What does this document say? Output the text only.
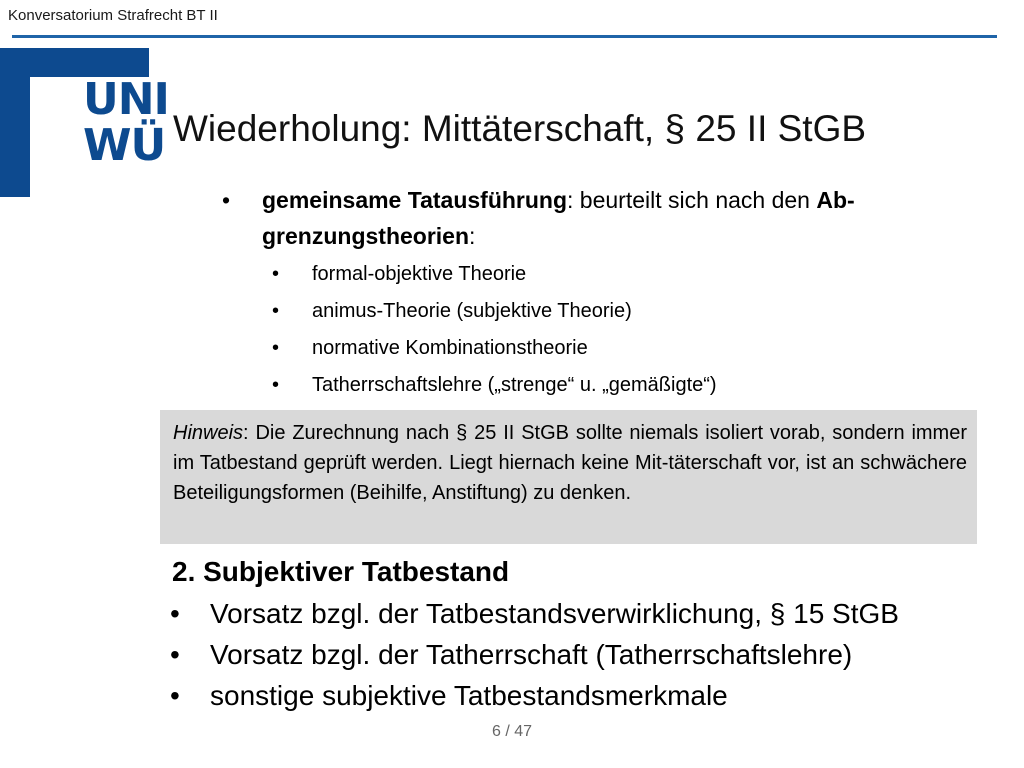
Konversatorium Strafrecht BT II
UNI
WÜ Wiederholung: Mittäterschaft, § 25 II StGB
• gemeinsame Tatausführung: beurteilt sich nach den Ab-
grenzungstheorien:
• formal-objektive Theorie
• animus-Theorie (subjektive Theorie)
• normative Kombinationstheorie
• Tatherrschaftslehre („strenge“ u. „gemäßigte“)
Hinweis: Die Zurechnung nach § 25 II StGB sollte niemals isoliert vorab, sondern immer im Tatbestand geprüft werden. Liegt hiernach keine Mit-täterschaft vor, ist an schwächere Beteiligungsformen (Beihilfe, Anstiftung) zu denken.
2. Subjektiver Tatbestand
• Vorsatz bzgl. der Tatbestandsverwirklichung, § 15 StGB
• Vorsatz bzgl. der Tatherrschaft (Tatherrschaftslehre)
• sonstige subjektive Tatbestandsmerkmale
6 / 47
